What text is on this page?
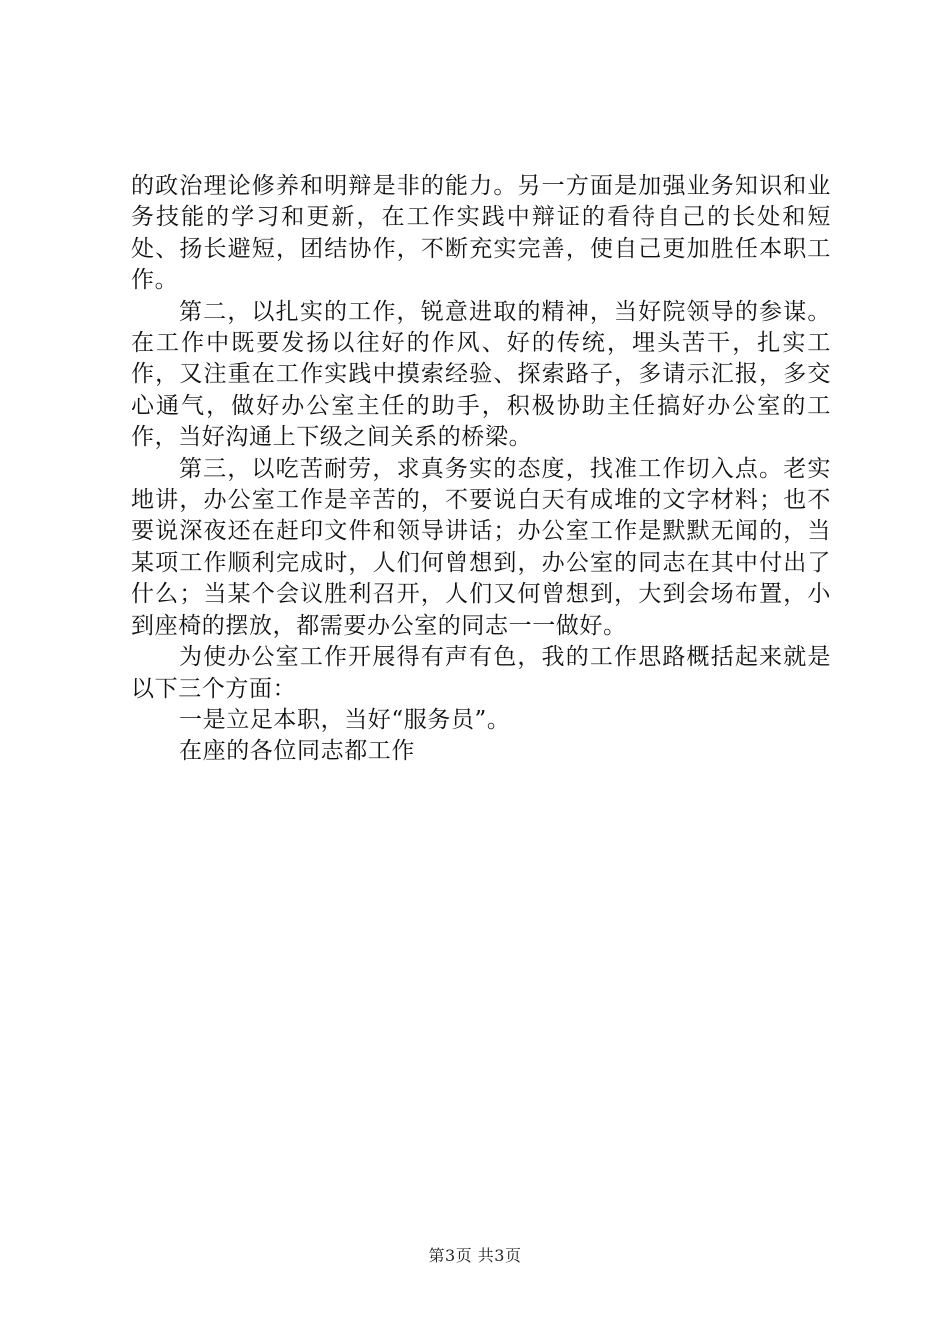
的政治理论修养和明辩是非的能力。另一方面是加强业务知识和业务技能的学习和更新，在工作实践中辩证的看待自己的长处和短处、扬长避短，团结协作，不断充实完善，使自己更加胜任本职工作。

第二，以扎实的工作，锐意进取的精神，当好院领导的参谋。在工作中既要发扬以往好的作风、好的传统，埋头苦干，扎实工作，又注重在工作实践中摸索经验、探索路子，多请示汇报，多交心通气，做好办公室主任的助手，积极协助主任搞好办公室的工作，当好沟通上下级之间关系的桥梁。

第三，以吃苦耐劳，求真务实的态度，找准工作切入点。老实地讲，办公室工作是辛苦的，不要说白天有成堆的文字材料；也不要说深夜还在赶印文件和领导讲话；办公室工作是默默无闻的，当某项工作顺利完成时，人们何曾想到，办公室的同志在其中付出了什么；当某个会议胜利召开，人们又何曾想到，大到会场布置，小到座椅的摆放，都需要办公室的同志一一做好。

为使办公室工作开展得有声有色，我的工作思路概括起来就是以下三个方面：

一是立足本职，当好“服务员”。

在座的各位同志都工作

第3页 共3页
